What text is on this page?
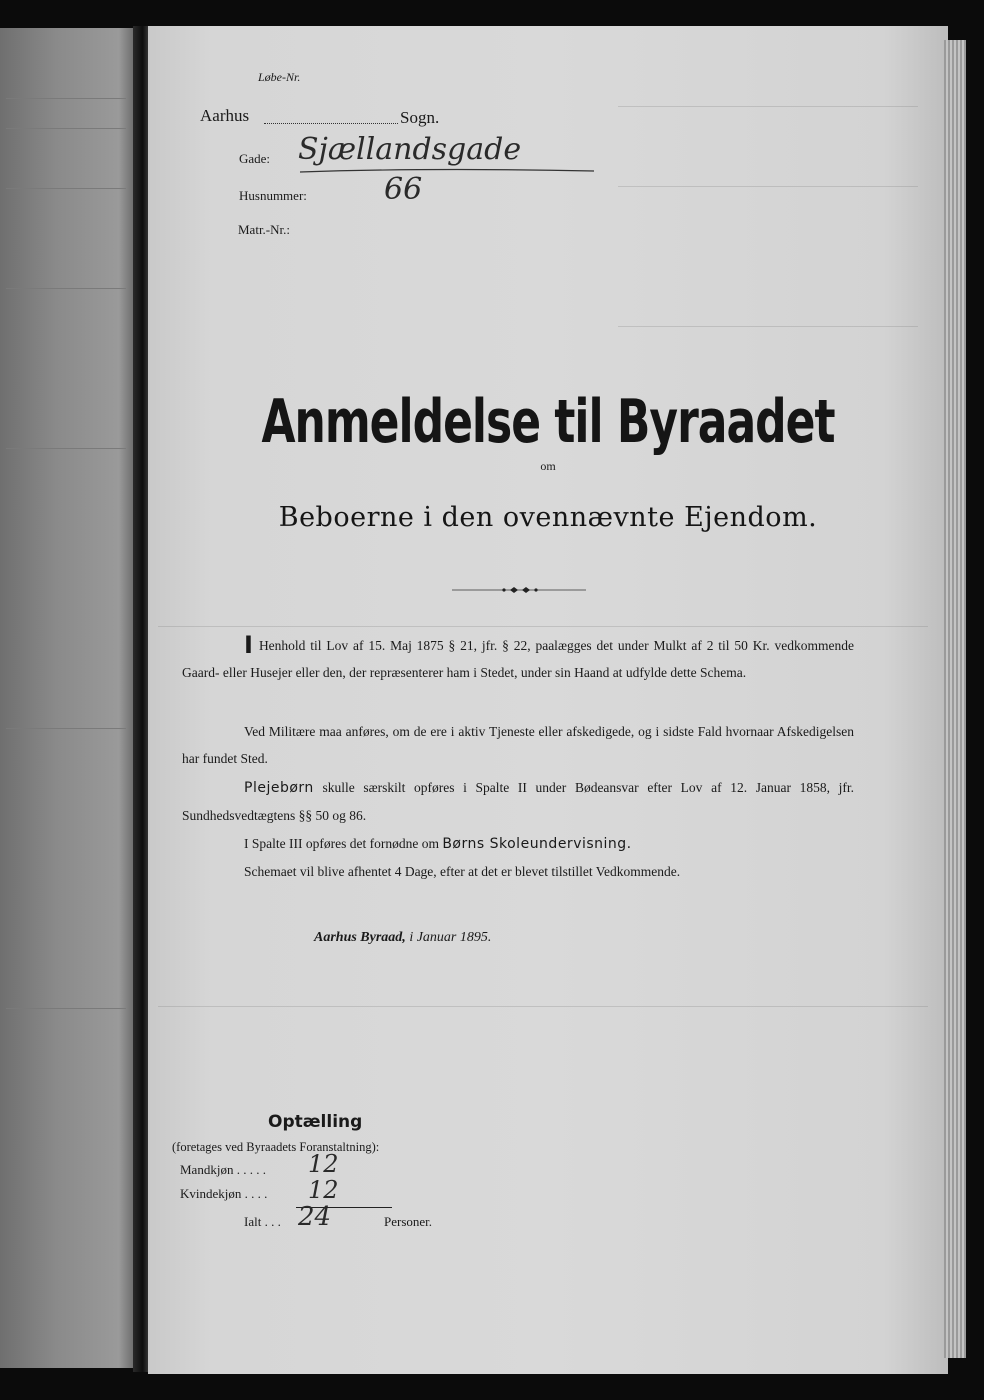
Løbe-Nr.
Aarhus	Sogn.
Gade: Sjællandsgade
Husnummer:	66
Matr.-Nr.:
Anmeldelse til Byraadet
om
Beboerne i den ovennævnte Ejendom.
I Henhold til Lov af 15. Maj 1875 § 21, jfr. § 22, paalægges det under Mulkt af 2 til 50 Kr. vedkommende Gaard- eller Husejer eller den, der repræsenterer ham i Stedet, under sin Haand at udfylde dette Schema.
Ved Militære maa anføres, om de ere i aktiv Tjeneste eller afskedigede, og i sidste Fald hvornaar Afskedigelsen har fundet Sted.
Plejebørn skulle særskilt opføres i Spalte II under Bødeansvar efter Lov af 12. Januar 1858, jfr. Sundhedsvedtægtens §§ 50 og 86.
I Spalte III opføres det fornødne om Børns Skoleundervisning.
Schemaet vil blive afhentet 4 Dage, efter at det er blevet tilstillet Vedkommende.
Aarhus Byraad, i Januar 1895.
Optælling
(foretages ved Byraadets Foranstaltning):
Mandkjøn . . . . . 12
Kvindekjøn . . . . 12
Ialt . . . 24	Personer.
